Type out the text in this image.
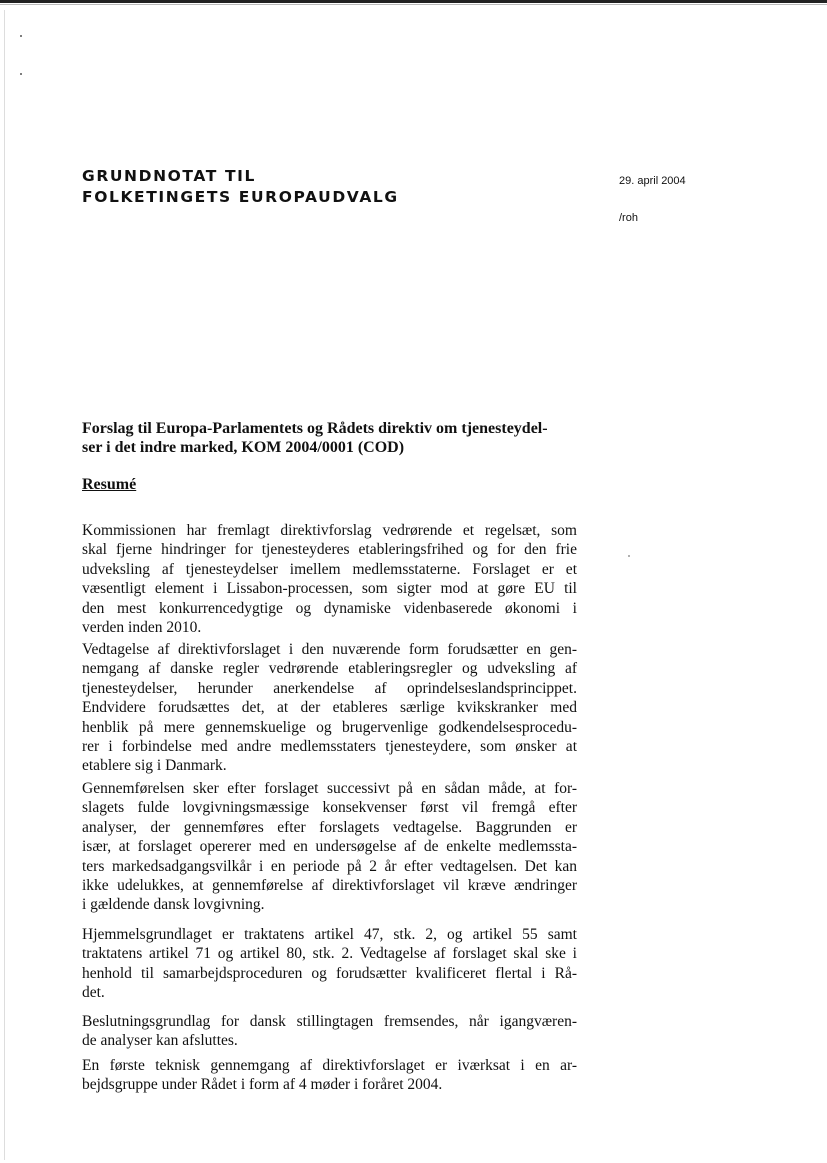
GRUNDNOTAT TIL
FOLKETINGETS EUROPAUDVALG
29. april 2004
/roh
Forslag til Europa-Parlamentets og Rådets direktiv om tjenesteydel-
ser i det indre marked, KOM 2004/0001 (COD)
Resumé
Kommissionen har fremlagt direktivforslag vedrørende et regelsæt, som
skal fjerne hindringer for tjenesteyderes etableringsfrihed og for den frie
udveksling af tjenesteydelser imellem medlemsstaterne. Forslaget er et
væsentligt element i Lissabon-processen, som sigter mod at gøre EU til
den mest konkurrencedygtige og dynamiske videnbaserede økonomi i
verden inden 2010.
Vedtagelse af direktivforslaget i den nuværende form forudsætter en gen-
nemgang af danske regler vedrørende etableringsregler og udveksling af
tjenesteydelser, herunder anerkendelse af oprindelseslandsprincippet.
Endvidere forudsættes det, at der etableres særlige kvikskranker med
henblik på mere gennemskuelige og brugervenlige godkendelsesprocedu-
rer i forbindelse med andre medlemsstaters tjenesteydere, som ønsker at
etablere sig i Danmark.
Gennemførelsen sker efter forslaget successivt på en sådan måde, at for-
slagets fulde lovgivningsmæssige konsekvenser først vil fremgå efter
analyser, der gennemføres efter forslagets vedtagelse. Baggrunden er
især, at forslaget opererer med en undersøgelse af de enkelte medlemssta-
ters markedsadgangsvilkår i en periode på 2 år efter vedtagelsen. Det kan
ikke udelukkes, at gennemførelse af direktivforslaget vil kræve ændringer
i gældende dansk lovgivning.
Hjemmelsgrundlaget er traktatens artikel 47, stk. 2, og artikel 55 samt
traktatens artikel 71 og artikel 80, stk. 2. Vedtagelse af forslaget skal ske i
henhold til samarbejdsproceduren og forudsætter kvalificeret flertal i Rå-
det.
Beslutningsgrundlag for dansk stillingtagen fremsendes, når igangværen-
de analyser kan afsluttes.
En første teknisk gennemgang af direktivforslaget er iværksat i en ar-
bejdsgruppe under Rådet i form af 4 møder i foråret 2004.
